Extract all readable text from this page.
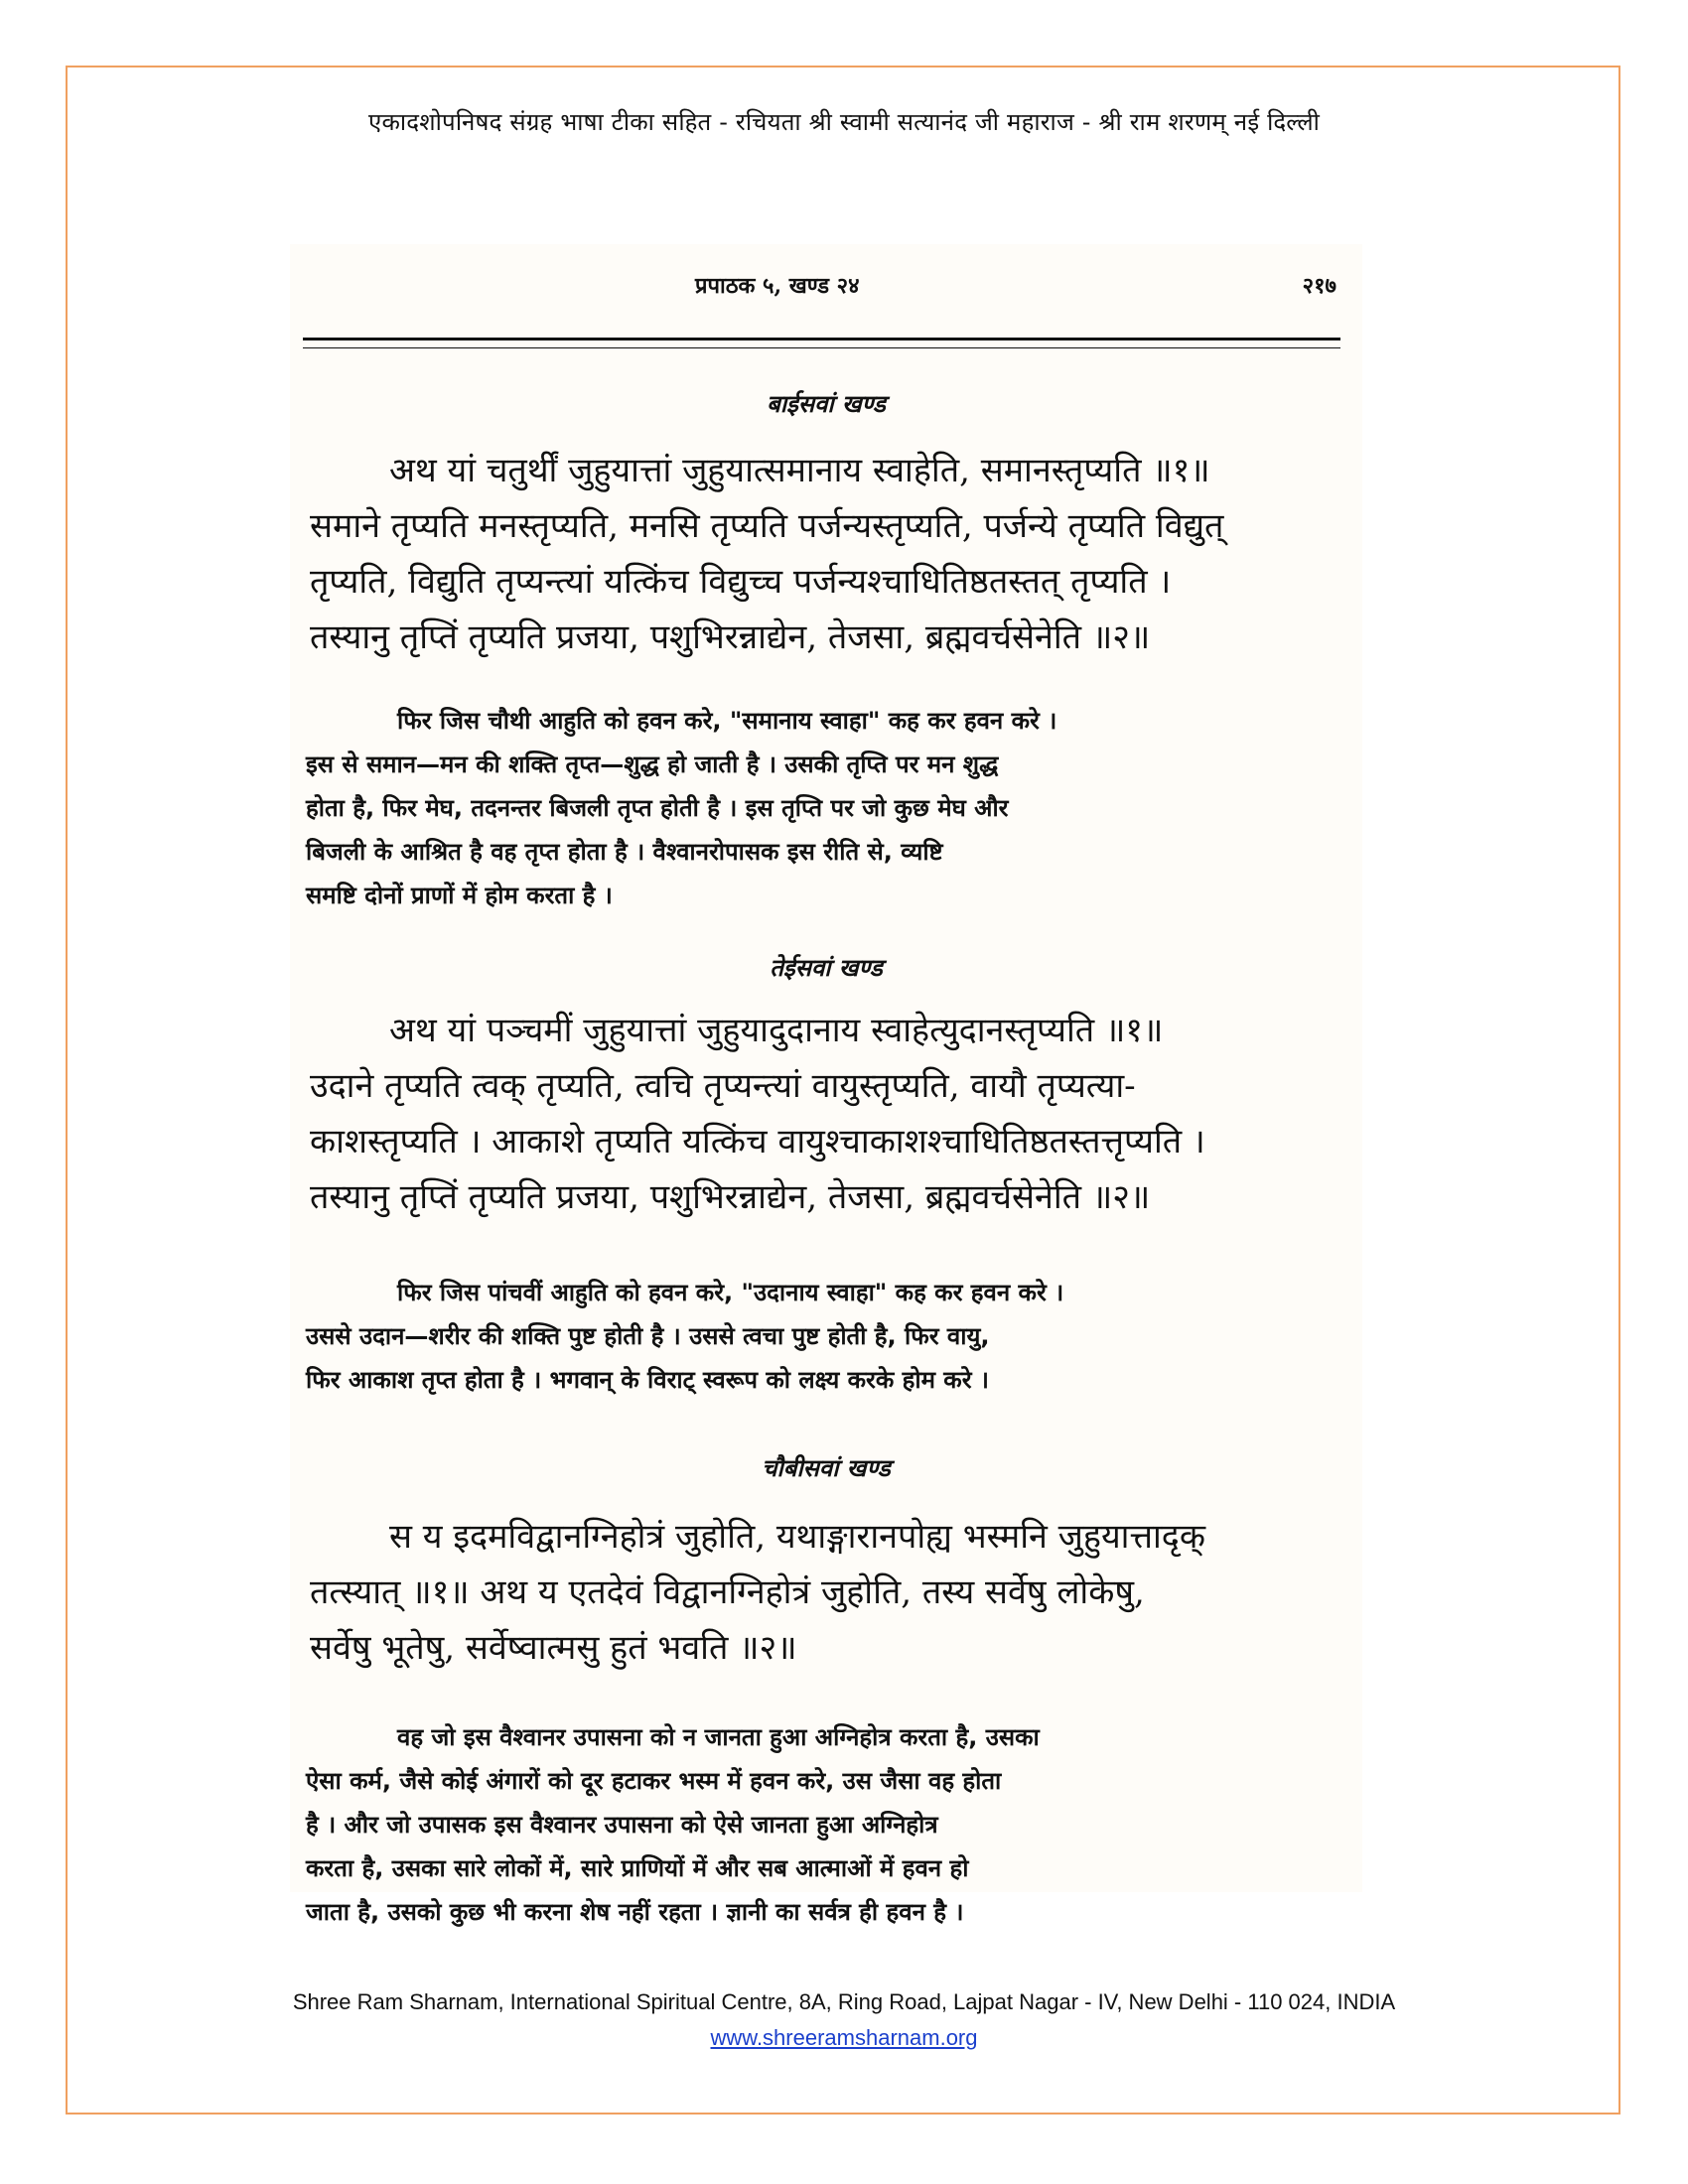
एकादशोपनिषद संग्रह भाषा टीका सहित - रचियता श्री स्वामी सत्यानंद जी महाराज - श्री राम शरणम् नई दिल्ली
प्रपाठक ५, खण्ड २४	२१७
बाईसवां खण्ड
अथ यां चतुर्थीं जुहुयात्तां जुहुयात्समानाय स्वाहेति, समानस्तृप्यति ॥१॥
समाने तृप्यति मनस्तृप्यति, मनसि तृप्यति पर्जन्यस्तृप्यति, पर्जन्ये तृप्यति विद्युत्
तृप्यति, विद्युति तृप्यन्त्यां यत्किंच विद्युच्च पर्जन्यश्चाधितिष्ठतस्तत् तृप्यति ।
तस्यानु तृप्तिं तृप्यति प्रजया, पशुभिरन्नाद्येन, तेजसा, ब्रह्मवर्चसेनेति ॥२॥
फिर जिस चौथी आहुति को हवन करे, "समानाय स्वाहा" कह कर हवन करे ।
इस से समान—मन की शक्ति तृप्त—शुद्ध हो जाती है । उसकी तृप्ति पर मन शुद्ध
होता है, फिर मेघ, तदनन्तर बिजली तृप्त होती है । इस तृप्ति पर जो कुछ मेघ और
बिजली के आश्रित है वह तृप्त होता है । वैश्वानरोपासक इस रीति से, व्यष्टि
समष्टि दोनों प्राणों में होम करता है ।
तेईसवां खण्ड
अथ यां पञ्चमीं जुहुयात्तां जुहुयादुदानाय स्वाहेत्युदानस्तृप्यति ॥१॥
उदाने तृप्यति त्वक् तृप्यति, त्वचि तृप्यन्त्यां वायुस्तृप्यति, वायौ तृप्यत्या-
काशस्तृप्यति । आकाशे तृप्यति यत्किंच वायुश्चाकाशश्चाधितिष्ठतस्तत्तृप्यति ।
तस्यानु तृप्तिं तृप्यति प्रजया, पशुभिरन्नाद्येन, तेजसा, ब्रह्मवर्चसेनेति ॥२॥
फिर जिस पांचवीं आहुति को हवन करे, "उदानाय स्वाहा" कह कर हवन करे ।
उससे उदान—शरीर की शक्ति पुष्ट होती है । उससे त्वचा पुष्ट होती है, फिर वायु,
फिर आकाश तृप्त होता है । भगवान् के विराट् स्वरूप को लक्ष्य करके होम करे ।
चौबीसवां खण्ड
स य इदमविद्वानग्निहोत्रं जुहोति, यथाङ्गारानपोह्य भस्मनि जुहुयात्तादृक्
तत्स्यात् ॥१॥ अथ य एतदेवं विद्वानग्निहोत्रं जुहोति, तस्य सर्वेषु लोकेषु,
सर्वेषु भूतेषु, सर्वेष्वात्मसु हुतं भवति ॥२॥
वह जो इस वैश्वानर उपासना को न जानता हुआ अग्निहोत्र करता है, उसका
ऐसा कर्म, जैसे कोई अंगारों को दूर हटाकर भस्म में हवन करे, उस जैसा वह होता
है । और जो उपासक इस वैश्वानर उपासना को ऐसे जानता हुआ अग्निहोत्र
करता है, उसका सारे लोकों में, सारे प्राणियों में और सब आत्माओं में हवन हो
जाता है, उसको कुछ भी करना शेष नहीं रहता । ज्ञानी का सर्वत्र ही हवन है ।
Shree Ram Sharnam, International Spiritual Centre, 8A, Ring Road, Lajpat Nagar - IV, New Delhi - 110 024, INDIA
www.shreeramsharnam.org
